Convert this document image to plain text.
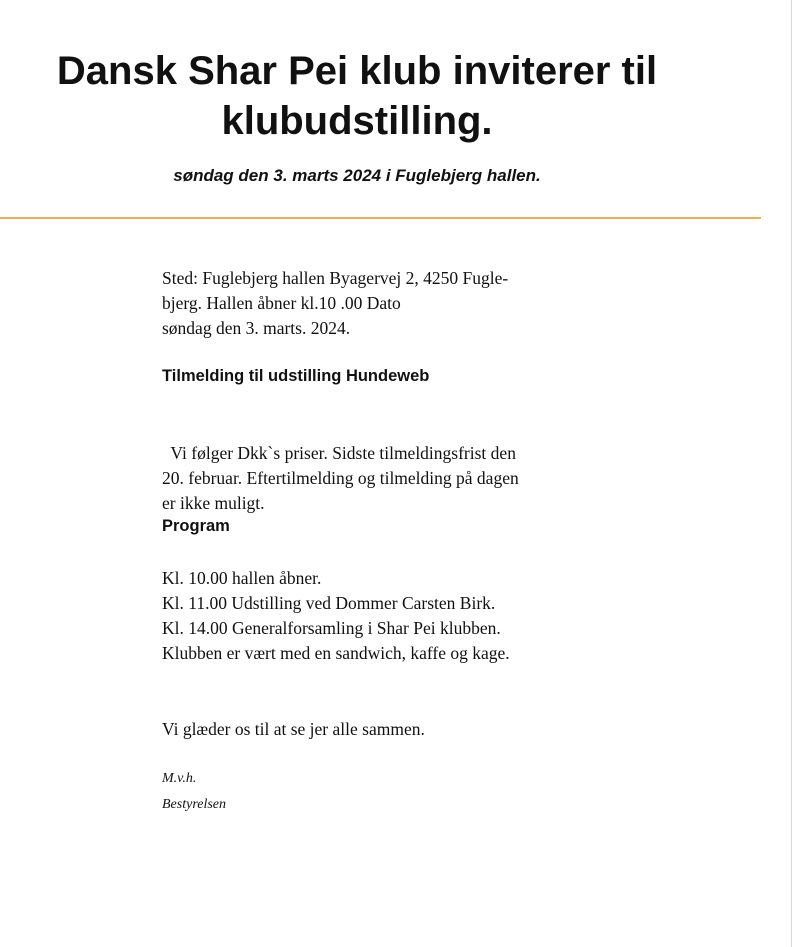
Dansk Shar Pei klub inviterer til
klubudstilling.

søndag den 3. marts 2024 i Fuglebjerg hallen.

Sted: Fuglebjerg hallen Byagervej 2, 4250 Fugle-
bjerg. Hallen åbner kl.10 .00 Dato
søndag den 3. marts. 2024.

Tilmelding til udstilling Hundeweb

Vi følger Dkk`s priser. Sidste tilmeldingsfrist den
20. februar. Eftertilmelding og tilmelding på dagen
er ikke muligt.

Program

Kl. 10.00 hallen åbner.
Kl. 11.00 Udstilling ved Dommer Carsten Birk.
Kl. 14.00 Generalforsamling i Shar Pei klubben.
Klubben er vært med en sandwich, kaffe og kage.

Vi glæder os til at se jer alle sammen.

M.v.h.

Bestyrelsen
